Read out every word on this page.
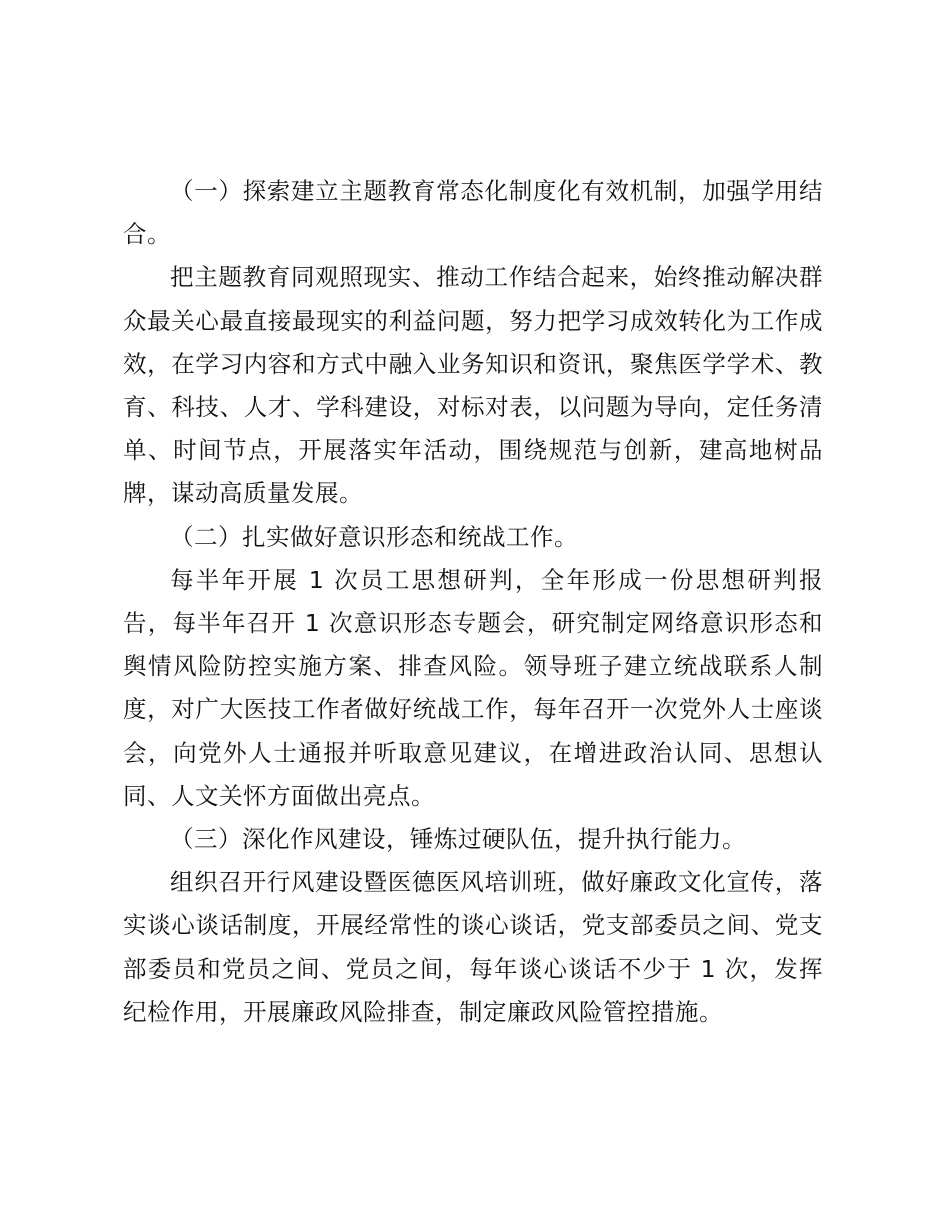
（一）探索建立主题教育常态化制度化有效机制，加强学用结合。

把主题教育同观照现实、推动工作结合起来，始终推动解决群众最关心最直接最现实的利益问题，努力把学习成效转化为工作成效，在学习内容和方式中融入业务知识和资讯，聚焦医学学术、教育、科技、人才、学科建设，对标对表，以问题为导向，定任务清单、时间节点，开展落实年活动，围绕规范与创新，建高地树品牌，谋动高质量发展。

（二）扎实做好意识形态和统战工作。

每半年开展 1 次员工思想研判，全年形成一份思想研判报告，每半年召开 1 次意识形态专题会，研究制定网络意识形态和舆情风险防控实施方案、排查风险。领导班子建立统战联系人制度，对广大医技工作者做好统战工作，每年召开一次党外人士座谈会，向党外人士通报并听取意见建议，在增进政治认同、思想认同、人文关怀方面做出亮点。

（三）深化作风建设，锤炼过硬队伍，提升执行能力。

组织召开行风建设暨医德医风培训班，做好廉政文化宣传，落实谈心谈话制度，开展经常性的谈心谈话，党支部委员之间、党支部委员和党员之间、党员之间，每年谈心谈话不少于 1 次，发挥纪检作用，开展廉政风险排查，制定廉政风险管控措施。
